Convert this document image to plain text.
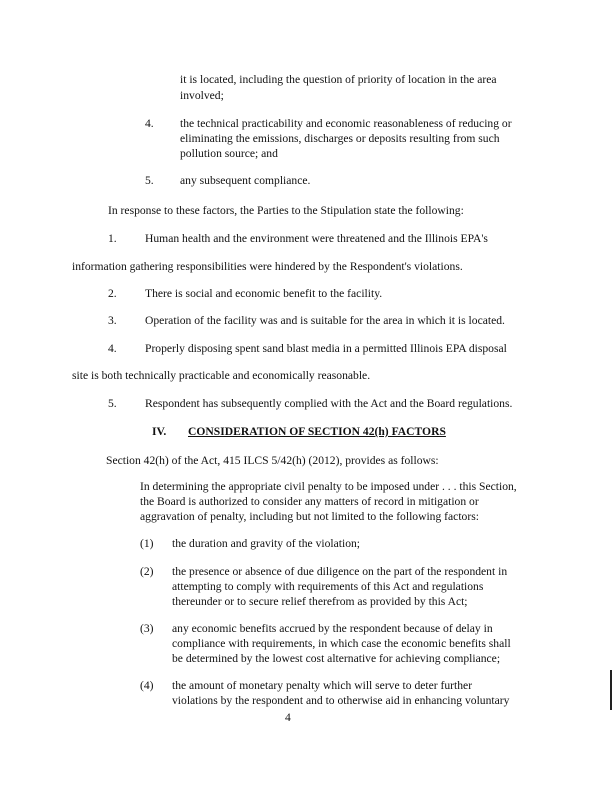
it is located, including the question of priority of location in the area
involved;
4. the technical practicability and economic reasonableness of reducing or
eliminating the emissions, discharges or deposits resulting from such
pollution source; and
5. any subsequent compliance.
In response to these factors, the Parties to the Stipulation state the following:
1. Human health and the environment were threatened and the Illinois EPA's
information gathering responsibilities were hindered by the Respondent's violations.
2. There is social and economic benefit to the facility.
3. Operation of the facility was and is suitable for the area in which it is located.
4. Properly disposing spent sand blast media in a permitted Illinois EPA disposal
site is both technically practicable and economically reasonable.
5. Respondent has subsequently complied with the Act and the Board regulations.
IV. CONSIDERATION OF SECTION 42(h) FACTORS
Section 42(h) of the Act, 415 ILCS 5/42(h) (2012), provides as follows:
In determining the appropriate civil penalty to be imposed under . . . this Section,
the Board is authorized to consider any matters of record in mitigation or
aggravation of penalty, including but not limited to the following factors:
(1) the duration and gravity of the violation;
(2) the presence or absence of due diligence on the part of the respondent in
attempting to comply with requirements of this Act and regulations
thereunder or to secure relief therefrom as provided by this Act;
(3) any economic benefits accrued by the respondent because of delay in
compliance with requirements, in which case the economic benefits shall
be determined by the lowest cost alternative for achieving compliance;
(4) the amount of monetary penalty which will serve to deter further
violations by the respondent and to otherwise aid in enhancing voluntary
4
